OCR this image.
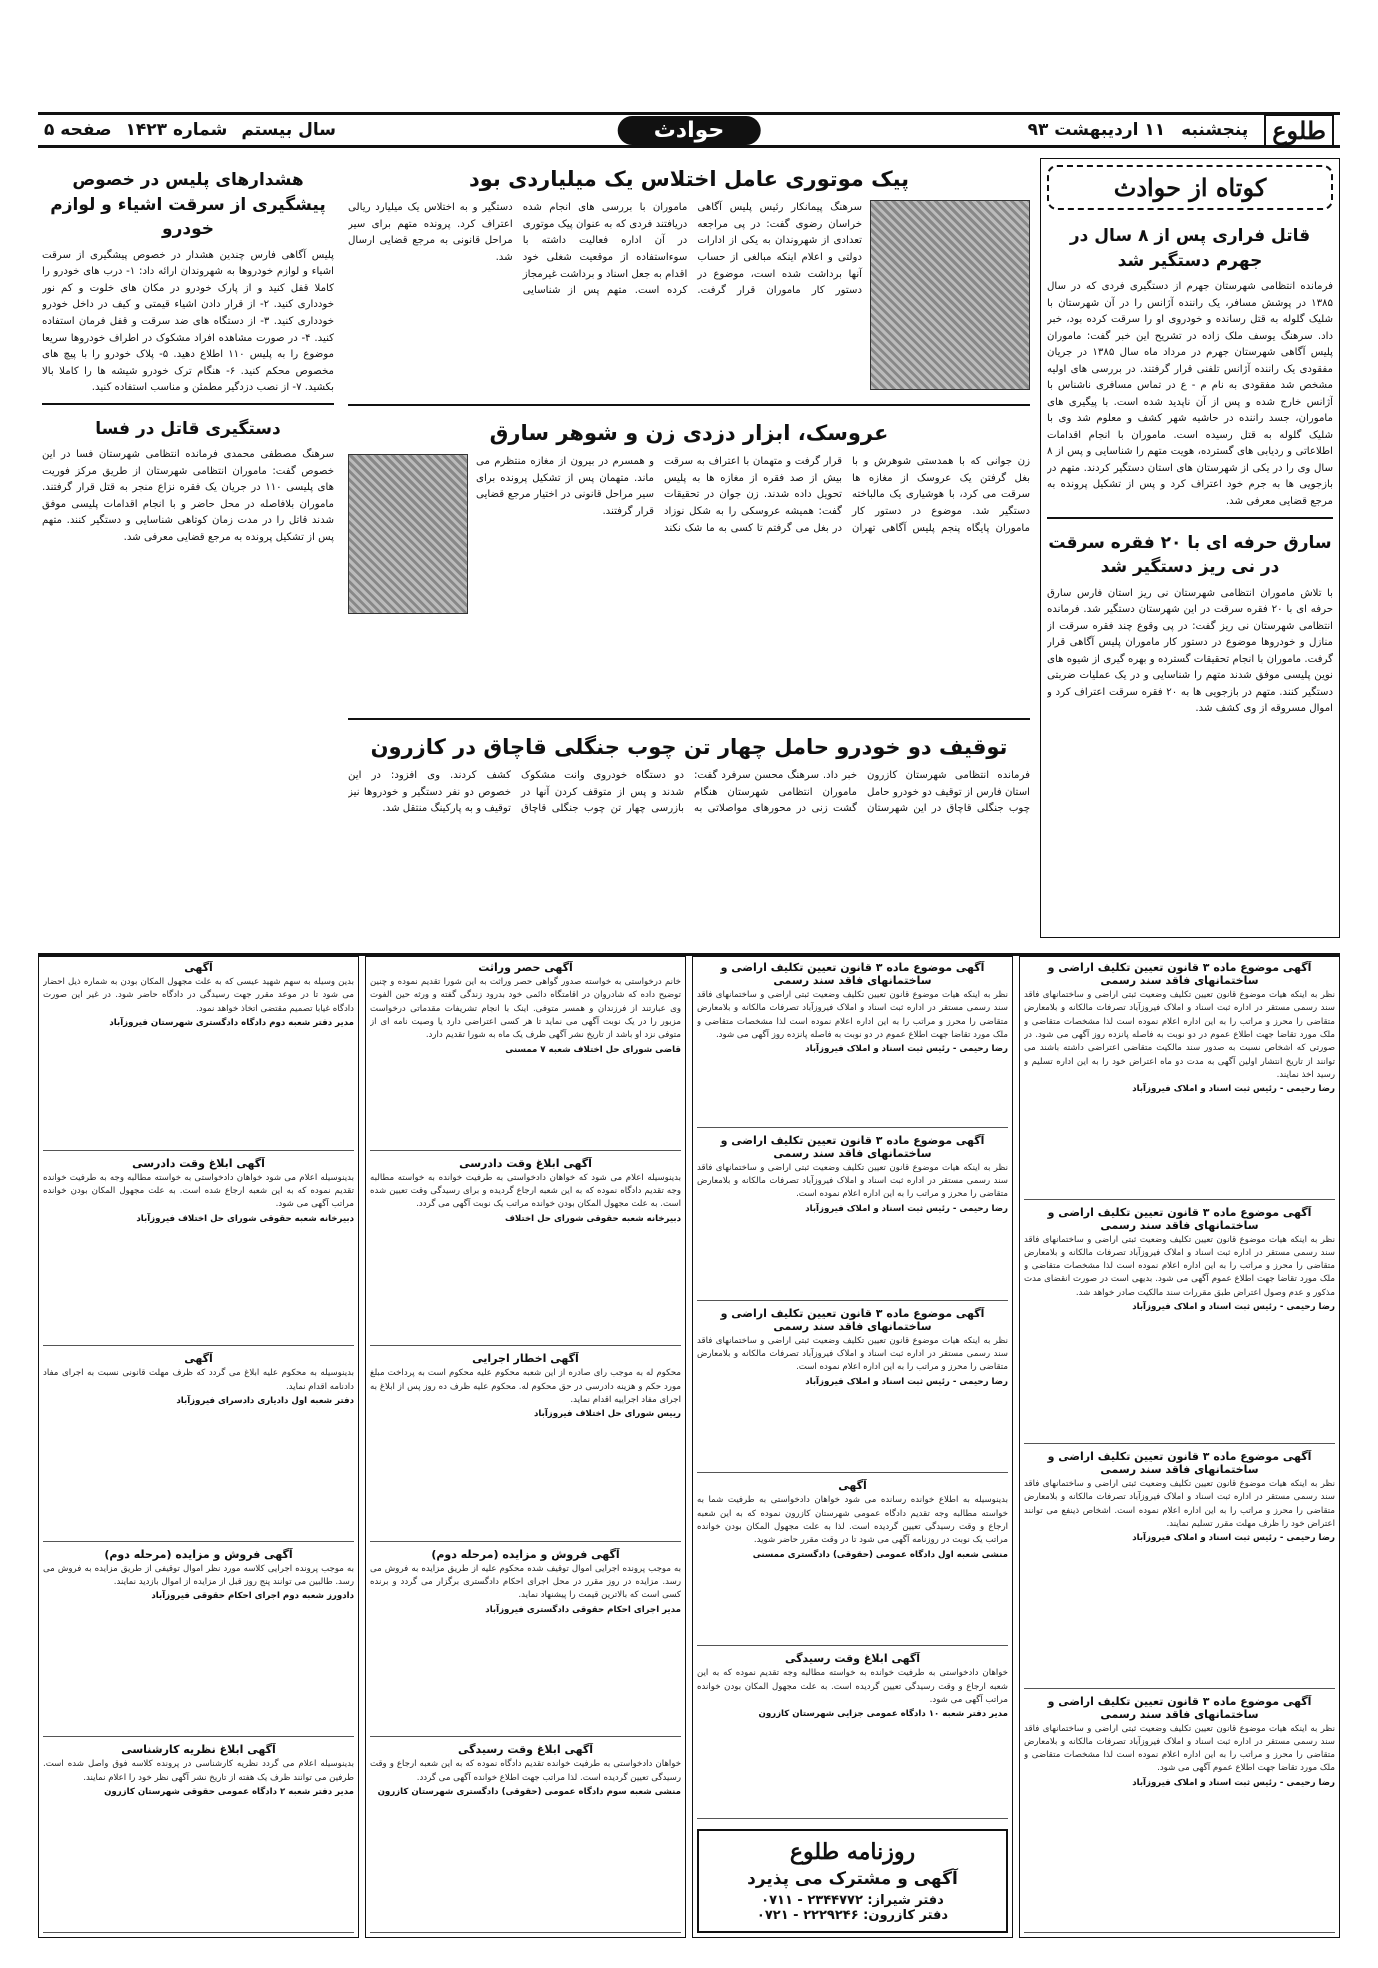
طلوع
پنجشنبه
۱۱ اردیبهشت ۹۳
حوادث
سال بیستم
شماره ۱۴۲۳
صفحه ۵
کوتاه از حوادث
قاتل فراری پس از ۸ سال در جهرم دستگیر شد
فرمانده انتظامی شهرستان جهرم از دستگیری فردی که در سال ۱۳۸۵ در پوشش مسافر، یک راننده آژانس را در آن شهرستان با شلیک گلوله به قتل رسانده و خودروی او را سرقت کرده بود، خبر داد. سرهنگ یوسف ملک زاده در تشریح این خبر گفت: ماموران پلیس آگاهی شهرستان جهرم در مرداد ماه سال ۱۳۸۵ در جریان مفقودی یک راننده آژانس تلفنی قرار گرفتند. در بررسی های اولیه مشخص شد مفقودی به نام م - ع در تماس مسافری ناشناس با آژانس خارج شده و پس از آن ناپدید شده است. با پیگیری های ماموران، جسد راننده در حاشیه شهر کشف و معلوم شد وی با شلیک گلوله به قتل رسیده است. ماموران با انجام اقدامات اطلاعاتی و ردیابی های گسترده، هویت متهم را شناسایی و پس از ۸ سال وی را در یکی از شهرستان های استان دستگیر کردند. متهم در بازجویی ها به جرم خود اعتراف کرد و پس از تشکیل پرونده به مرجع قضایی معرفی شد.
سارق حرفه ای با ۲۰ فقره سرقت در نی ریز دستگیر شد
با تلاش ماموران انتظامی شهرستان نی ریز استان فارس سارق حرفه ای با ۲۰ فقره سرقت در این شهرستان دستگیر شد. فرمانده انتظامی شهرستان نی ریز گفت: در پی وقوع چند فقره سرقت از منازل و خودروها موضوع در دستور کار ماموران پلیس آگاهی قرار گرفت. ماموران با انجام تحقیقات گسترده و بهره گیری از شیوه های نوین پلیسی موفق شدند متهم را شناسایی و در یک عملیات ضربتی دستگیر کنند. متهم در بازجویی ها به ۲۰ فقره سرقت اعتراف کرد و اموال مسروقه از وی کشف شد.
پیک موتوری عامل اختلاس یک میلیاردی بود
سرهنگ پیمانکار رئیس پلیس آگاهی خراسان رضوی گفت: در پی مراجعه تعدادی از شهروندان به یکی از ادارات دولتی و اعلام اینکه مبالغی از حساب آنها برداشت شده است، موضوع در دستور کار ماموران قرار گرفت. ماموران با بررسی های انجام شده دریافتند فردی که به عنوان پیک موتوری در آن اداره فعالیت داشته با سوءاستفاده از موقعیت شغلی خود اقدام به جعل اسناد و برداشت غیرمجاز کرده است. متهم پس از شناسایی دستگیر و به اختلاس یک میلیارد ریالی اعتراف کرد. پرونده متهم برای سیر مراحل قانونی به مرجع قضایی ارسال شد.
عروسک، ابزار دزدی زن و شوهر سارق
زن جوانی که با همدستی شوهرش و با بغل گرفتن یک عروسک از مغازه ها سرقت می کرد، با هوشیاری یک مالباخته دستگیر شد. موضوع در دستور کار ماموران پایگاه پنجم پلیس آگاهی تهران قرار گرفت و متهمان با اعتراف به سرقت بیش از صد فقره از مغازه ها به پلیس تحویل داده شدند. زن جوان در تحقیقات گفت: همیشه عروسکی را به شکل نوزاد در بغل می گرفتم تا کسی به ما شک نکند و همسرم در بیرون از مغازه منتظرم می ماند. متهمان پس از تشکیل پرونده برای سیر مراحل قانونی در اختیار مرجع قضایی قرار گرفتند.
توقیف دو خودرو حامل چهار تن چوب جنگلی قاچاق در کازرون
فرمانده انتظامی شهرستان کازرون استان فارس از توقیف دو خودرو حامل چوب جنگلی قاچاق در این شهرستان خبر داد. سرهنگ محسن سرفرد گفت: ماموران انتظامی شهرستان هنگام گشت زنی در محورهای مواصلاتی به دو دستگاه خودروی وانت مشکوک شدند و پس از متوقف کردن آنها در بازرسی چهار تن چوب جنگلی قاچاق کشف کردند. وی افزود: در این خصوص دو نفر دستگیر و خودروها نیز توقیف و به پارکینگ منتقل شد.
هشدارهای پلیس در خصوص پیشگیری از سرقت اشیاء و لوازم خودرو
پلیس آگاهی فارس چندین هشدار در خصوص پیشگیری از سرقت اشیاء و لوازم خودروها به شهروندان ارائه داد: ۱- درب های خودرو را کاملا قفل کنید و از پارک خودرو در مکان های خلوت و کم نور خودداری کنید. ۲- از قرار دادن اشیاء قیمتی و کیف در داخل خودرو خودداری کنید. ۳- از دستگاه های ضد سرقت و قفل فرمان استفاده کنید. ۴- در صورت مشاهده افراد مشکوک در اطراف خودروها سریعا موضوع را به پلیس ۱۱۰ اطلاع دهید. ۵- پلاک خودرو را با پیچ های مخصوص محکم کنید. ۶- هنگام ترک خودرو شیشه ها را کاملا بالا بکشید. ۷- از نصب دزدگیر مطمئن و مناسب استفاده کنید.
دستگیری قاتل در فسا
سرهنگ مصطفی محمدی فرمانده انتظامی شهرستان فسا در این خصوص گفت: ماموران انتظامی شهرستان از طریق مرکز فوریت های پلیسی ۱۱۰ در جریان یک فقره نزاع منجر به قتل قرار گرفتند. ماموران بلافاصله در محل حاضر و با انجام اقدامات پلیسی موفق شدند قاتل را در مدت زمان کوتاهی شناسایی و دستگیر کنند. متهم پس از تشکیل پرونده به مرجع قضایی معرفی شد.
آگهی موضوع ماده ۳ قانون تعیین تکلیف اراضی و ساختمانهای فاقد سند رسمی
نظر به اینکه هیات موضوع قانون تعیین تکلیف وضعیت ثبتی اراضی و ساختمانهای فاقد سند رسمی مستقر در اداره ثبت اسناد و املاک فیروزآباد تصرفات مالکانه و بلامعارض متقاضی را محرز و مراتب را به این اداره اعلام نموده است لذا مشخصات متقاضی و ملک مورد تقاضا جهت اطلاع عموم در دو نوبت به فاصله پانزده روز آگهی می شود. در صورتی که اشخاص نسبت به صدور سند مالکیت متقاضی اعتراضی داشته باشند می توانند از تاریخ انتشار اولین آگهی به مدت دو ماه اعتراض خود را به این اداره تسلیم و رسید اخذ نمایند.
رضا رحیمی - رئیس ثبت اسناد و املاک فیروزآباد
آگهی موضوع ماده ۳ قانون تعیین تکلیف اراضی و ساختمانهای فاقد سند رسمی
نظر به اینکه هیات موضوع قانون تعیین تکلیف وضعیت ثبتی اراضی و ساختمانهای فاقد سند رسمی مستقر در اداره ثبت اسناد و املاک فیروزآباد تصرفات مالکانه و بلامعارض متقاضی را محرز و مراتب را به این اداره اعلام نموده است لذا مشخصات متقاضی و ملک مورد تقاضا جهت اطلاع عموم آگهی می شود. بدیهی است در صورت انقضای مدت مذکور و عدم وصول اعتراض طبق مقررات سند مالکیت صادر خواهد شد.
رضا رحیمی - رئیس ثبت اسناد و املاک فیروزآباد
آگهی موضوع ماده ۳ قانون تعیین تکلیف اراضی و ساختمانهای فاقد سند رسمی
نظر به اینکه هیات موضوع قانون تعیین تکلیف وضعیت ثبتی اراضی و ساختمانهای فاقد سند رسمی مستقر در اداره ثبت اسناد و املاک فیروزآباد تصرفات مالکانه و بلامعارض متقاضی را محرز و مراتب را به این اداره اعلام نموده است. اشخاص ذینفع می توانند اعتراض خود را ظرف مهلت مقرر تسلیم نمایند.
رضا رحیمی - رئیس ثبت اسناد و املاک فیروزآباد
آگهی موضوع ماده ۳ قانون تعیین تکلیف اراضی و ساختمانهای فاقد سند رسمی
نظر به اینکه هیات موضوع قانون تعیین تکلیف وضعیت ثبتی اراضی و ساختمانهای فاقد سند رسمی مستقر در اداره ثبت اسناد و املاک فیروزآباد تصرفات مالکانه و بلامعارض متقاضی را محرز و مراتب را به این اداره اعلام نموده است لذا مشخصات متقاضی و ملک مورد تقاضا جهت اطلاع عموم آگهی می شود.
رضا رحیمی - رئیس ثبت اسناد و املاک فیروزآباد
آگهی موضوع ماده ۳ قانون تعیین تکلیف اراضی و ساختمانهای فاقد سند رسمی
نظر به اینکه هیات موضوع قانون تعیین تکلیف وضعیت ثبتی اراضی و ساختمانهای فاقد سند رسمی مستقر در اداره ثبت اسناد و املاک فیروزآباد تصرفات مالکانه و بلامعارض متقاضی را محرز و مراتب را به این اداره اعلام نموده است لذا مشخصات متقاضی و ملک مورد تقاضا جهت اطلاع عموم در دو نوبت به فاصله پانزده روز آگهی می شود.
رضا رحیمی - رئیس ثبت اسناد و املاک فیروزآباد
آگهی موضوع ماده ۳ قانون تعیین تکلیف اراضی و ساختمانهای فاقد سند رسمی
نظر به اینکه هیات موضوع قانون تعیین تکلیف وضعیت ثبتی اراضی و ساختمانهای فاقد سند رسمی مستقر در اداره ثبت اسناد و املاک فیروزآباد تصرفات مالکانه و بلامعارض متقاضی را محرز و مراتب را به این اداره اعلام نموده است.
رضا رحیمی - رئیس ثبت اسناد و املاک فیروزآباد
آگهی موضوع ماده ۳ قانون تعیین تکلیف اراضی و ساختمانهای فاقد سند رسمی
نظر به اینکه هیات موضوع قانون تعیین تکلیف وضعیت ثبتی اراضی و ساختمانهای فاقد سند رسمی مستقر در اداره ثبت اسناد و املاک فیروزآباد تصرفات مالکانه و بلامعارض متقاضی را محرز و مراتب را به این اداره اعلام نموده است.
رضا رحیمی - رئیس ثبت اسناد و املاک فیروزآباد
آگهی
بدینوسیله به اطلاع خوانده رسانده می شود خواهان دادخواستی به طرفیت شما به خواسته مطالبه وجه تقدیم دادگاه عمومی شهرستان کازرون نموده که به این شعبه ارجاع و وقت رسیدگی تعیین گردیده است. لذا به علت مجهول المکان بودن خوانده مراتب یک نوبت در روزنامه آگهی می شود تا در وقت مقرر حاضر شوید.
منشی شعبه اول دادگاه عمومی (حقوقی) دادگستری ممسنی
آگهی ابلاغ وقت رسیدگی
خواهان دادخواستی به طرفیت خوانده به خواسته مطالبه وجه تقدیم نموده که به این شعبه ارجاع و وقت رسیدگی تعیین گردیده است. به علت مجهول المکان بودن خوانده مراتب آگهی می شود.
مدیر دفتر شعبه ۱۰ دادگاه عمومی جزایی شهرستان کازرون
روزنامه طلوع
آگهی و مشترک می پذیرد
دفتر شیراز: ۲۳۴۴۷۷۲ - ۰۷۱۱
دفتر کازرون: ۲۲۲۹۲۴۶ - ۰۷۲۱
آگهی حصر وراثت
خانم درخواستی به خواسته صدور گواهی حصر وراثت به این شورا تقدیم نموده و چنین توضیح داده که شادروان در اقامتگاه دائمی خود بدرود زندگی گفته و ورثه حین الفوت وی عبارتند از فرزندان و همسر متوفی. اینک با انجام تشریفات مقدماتی درخواست مزبور را در یک نوبت آگهی می نماید تا هر کسی اعتراضی دارد یا وصیت نامه ای از متوفی نزد او باشد از تاریخ نشر آگهی ظرف یک ماه به شورا تقدیم دارد.
قاضی شورای حل اختلاف شعبه ۷ ممسنی
آگهی ابلاغ وقت دادرسی
بدینوسیله اعلام می شود که خواهان دادخواستی به طرفیت خوانده به خواسته مطالبه وجه تقدیم دادگاه نموده که به این شعبه ارجاع گردیده و برای رسیدگی وقت تعیین شده است. به علت مجهول المکان بودن خوانده مراتب یک نوبت آگهی می گردد.
دبیرخانه شعبه حقوقی شورای حل اختلاف
آگهی اخطار اجرایی
محکوم له به موجب رای صادره از این شعبه محکوم علیه محکوم است به پرداخت مبلغ مورد حکم و هزینه دادرسی در حق محکوم له. محکوم علیه ظرف ده روز پس از ابلاغ به اجرای مفاد اجراییه اقدام نماید.
رییس شورای حل اختلاف فیروزآباد
آگهی فروش و مزایده (مرحله دوم)
به موجب پرونده اجرایی اموال توقیف شده محکوم علیه از طریق مزایده به فروش می رسد. مزایده در روز مقرر در محل اجرای احکام دادگستری برگزار می گردد و برنده کسی است که بالاترین قیمت را پیشنهاد نماید.
مدیر اجرای احکام حقوقی دادگستری فیروزآباد
آگهی ابلاغ وقت رسیدگی
خواهان دادخواستی به طرفیت خوانده تقدیم دادگاه نموده که به این شعبه ارجاع و وقت رسیدگی تعیین گردیده است. لذا مراتب جهت اطلاع خوانده آگهی می گردد.
منشی شعبه سوم دادگاه عمومی (حقوقی) دادگستری شهرستان کازرون
آگهی
بدین وسیله به سهم شهید عیسی که به علت مجهول المکان بودن به شماره ذیل احضار می شود تا در موعد مقرر جهت رسیدگی در دادگاه حاضر شود. در غیر این صورت دادگاه غیابا تصمیم مقتضی اتخاذ خواهد نمود.
مدیر دفتر شعبه دوم دادگاه دادگستری شهرستان فیروزآباد
آگهی ابلاغ وقت دادرسی
بدینوسیله اعلام می شود خواهان دادخواستی به خواسته مطالبه وجه به طرفیت خوانده تقدیم نموده که به این شعبه ارجاع شده است. به علت مجهول المکان بودن خوانده مراتب آگهی می شود.
دبیرخانه شعبه حقوقی شورای حل اختلاف فیروزآباد
آگهی
بدینوسیله به محکوم علیه ابلاغ می گردد که ظرف مهلت قانونی نسبت به اجرای مفاد دادنامه اقدام نماید.
دفتر شعبه اول دادیاری دادسرای فیروزآباد
آگهی فروش و مزایده (مرحله دوم)
به موجب پرونده اجرایی کلاسه مورد نظر اموال توقیفی از طریق مزایده به فروش می رسد. طالبین می توانند پنج روز قبل از مزایده از اموال بازدید نمایند.
دادورز شعبه دوم اجرای احکام حقوقی فیروزآباد
آگهی ابلاغ نظریه کارشناسی
بدینوسیله اعلام می گردد نظریه کارشناسی در پرونده کلاسه فوق واصل شده است. طرفین می توانند ظرف یک هفته از تاریخ نشر آگهی نظر خود را اعلام نمایند.
مدیر دفتر شعبه ۲ دادگاه عمومی حقوقی شهرستان کازرون
